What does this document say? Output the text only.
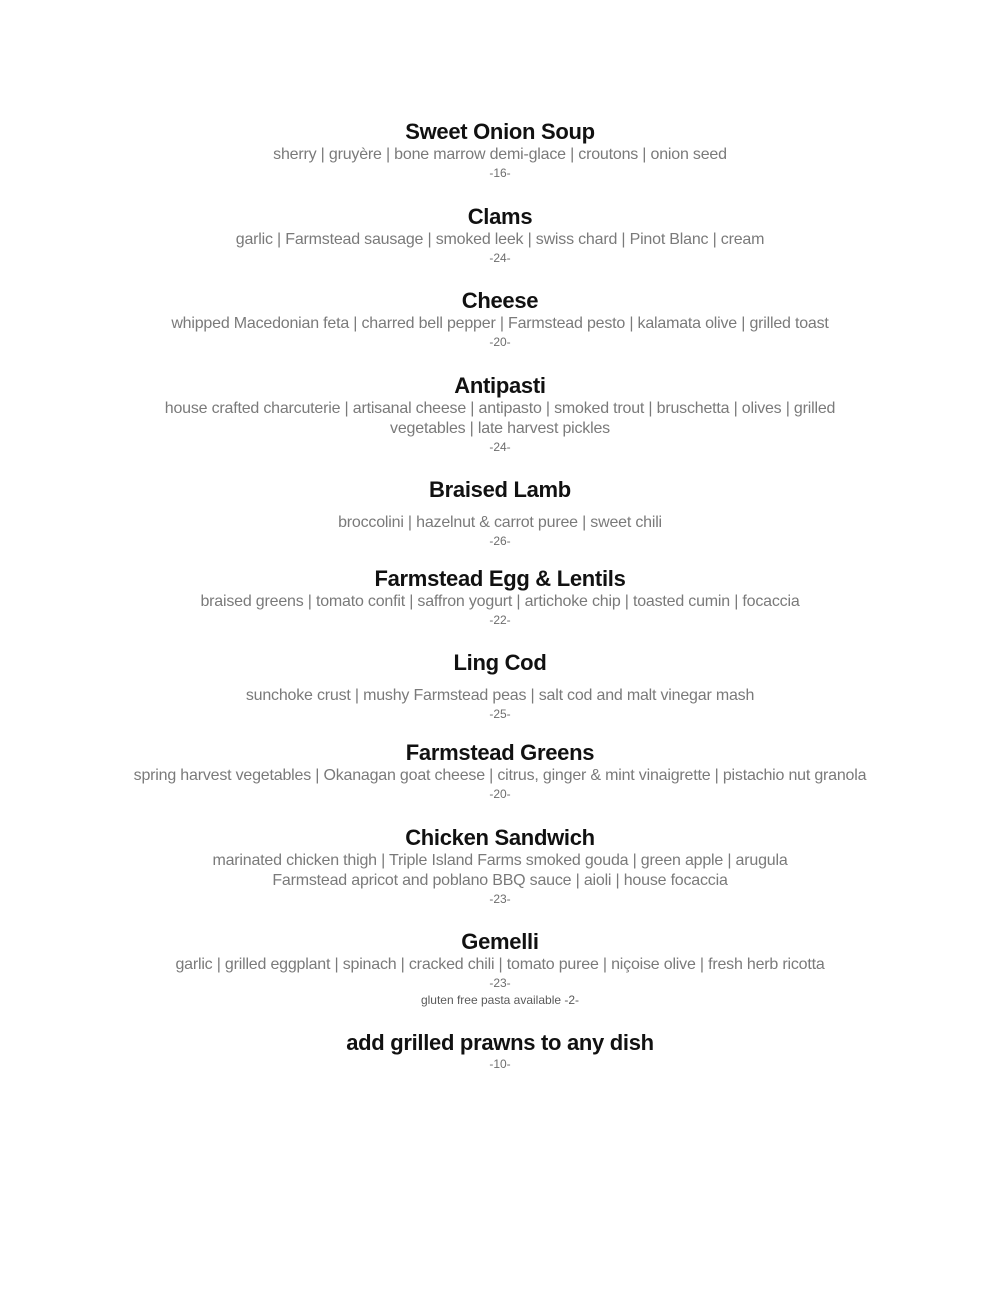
Sweet Onion Soup
sherry | gruyère | bone marrow demi-glace | croutons | onion seed
-16-
Clams
garlic | Farmstead sausage | smoked leek | swiss chard | Pinot Blanc | cream
-24-
Cheese
whipped Macedonian feta | charred bell pepper | Farmstead pesto | kalamata olive | grilled toast
-20-
Antipasti
house crafted charcuterie | artisanal cheese | antipasto | smoked trout | bruschetta | olives | grilled
vegetables | late harvest pickles
-24-
Braised Lamb
broccolini | hazelnut & carrot puree | sweet chili
-26-
Farmstead Egg & Lentils
braised greens | tomato confit | saffron yogurt | artichoke chip | toasted cumin | focaccia
-22-
Ling Cod
sunchoke crust | mushy Farmstead peas | salt cod and malt vinegar mash
-25-
Farmstead Greens
spring harvest vegetables | Okanagan goat cheese | citrus, ginger & mint vinaigrette | pistachio nut granola
-20-
Chicken Sandwich
marinated chicken thigh | Triple Island Farms smoked gouda | green apple | arugula
Farmstead apricot and poblano BBQ sauce | aioli | house focaccia
-23-
Gemelli
garlic | grilled eggplant | spinach | cracked chili | tomato puree | niçoise olive | fresh herb ricotta
-23-
gluten free pasta available -2-
add grilled prawns to any dish
-10-
